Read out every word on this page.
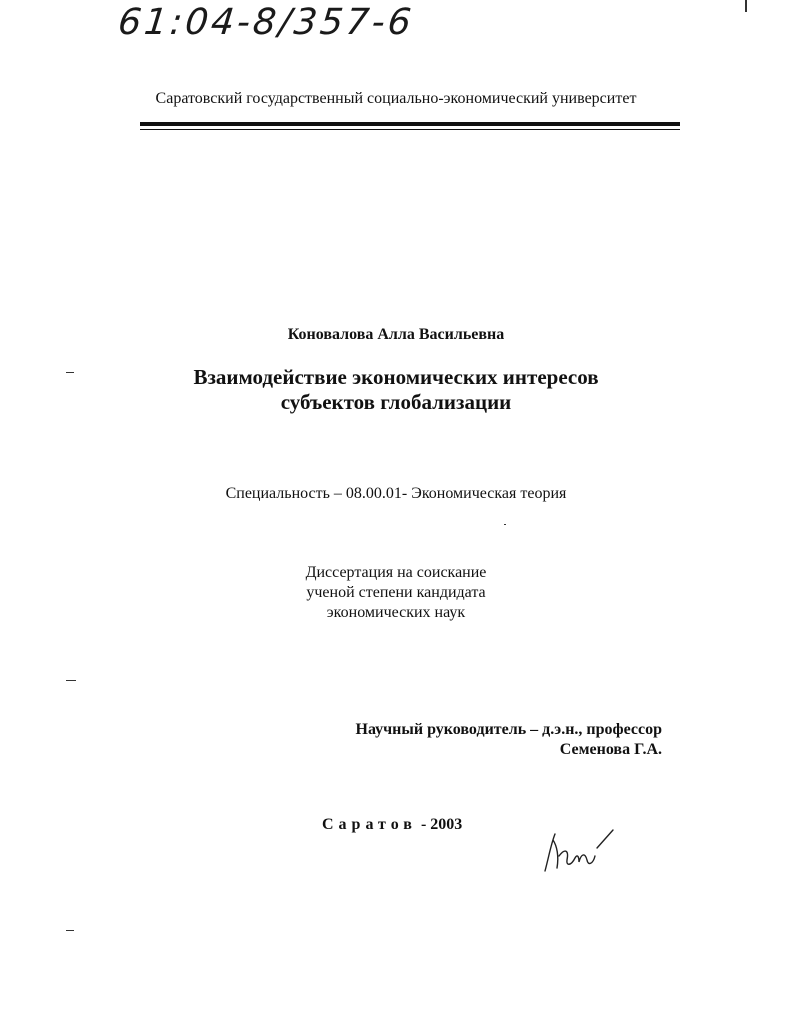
61:04-8/357-6
Саратовский государственный социально-экономический университет
Коновалова Алла Васильевна
Взаимодействие экономических интересов
субъектов глобализации
Специальность – 08.00.01- Экономическая теория
Диссертация на соискание
ученой степени кандидата
экономических наук
Научный руководитель – д.э.н., профессор
Семенова Г.А.
Саратов - 2003
